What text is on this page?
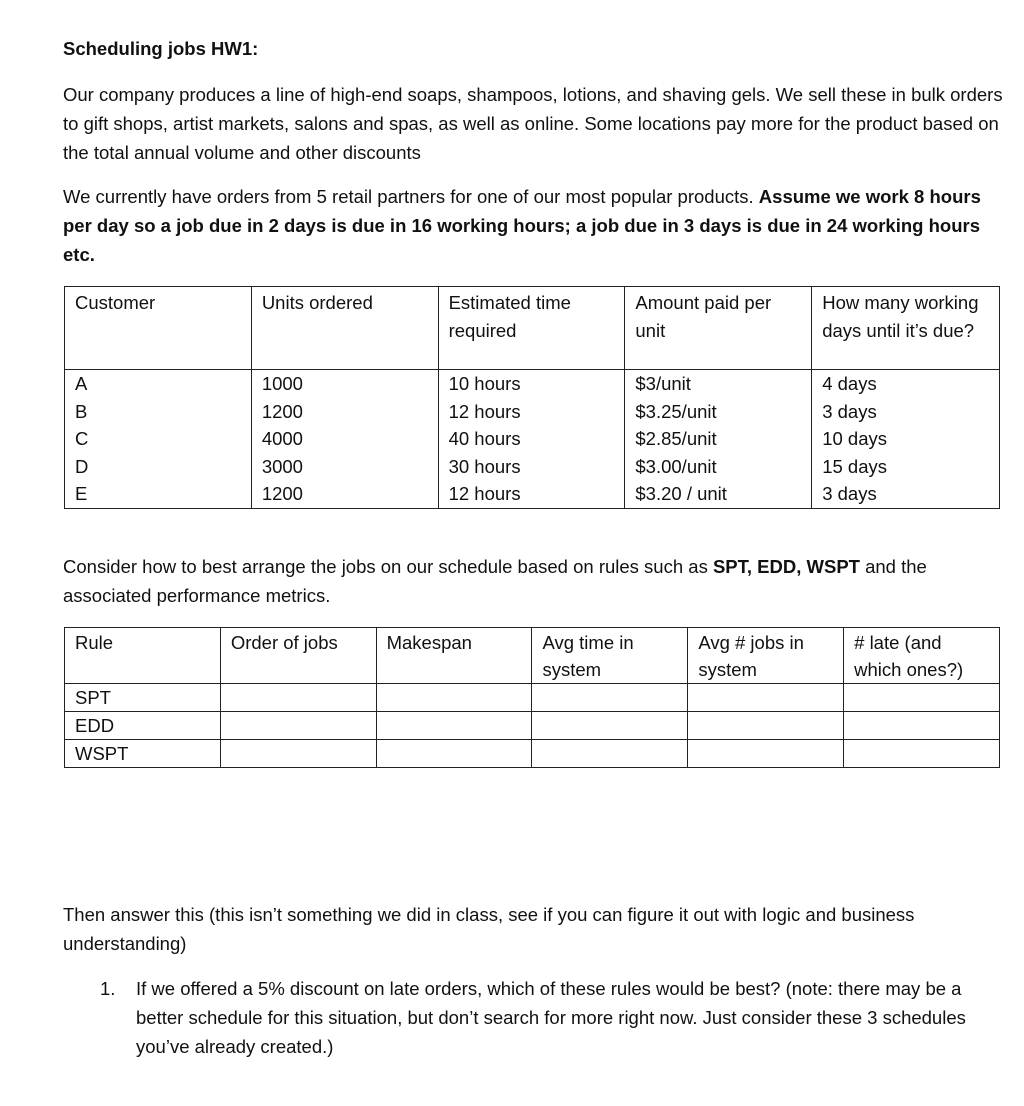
Scheduling jobs HW1:
Our company produces a line of high-end soaps, shampoos, lotions, and shaving gels. We sell these in bulk orders to gift shops, artist markets, salons and spas, as well as online. Some locations pay more for the product based on the total annual volume and other discounts
We currently have orders from 5 retail partners for one of our most popular products. Assume we work 8 hours per day so a job due in 2 days is due in 16 working hours; a job due in 3 days is due in 24 working hours etc.
Customer	Units ordered	Estimated time required	Amount paid per unit	How many working days until it’s due?
A	1000	10 hours	$3/unit	4 days
B	1200	12 hours	$3.25/unit	3 days
C	4000	40 hours	$2.85/unit	10 days
D	3000	30 hours	$3.00/unit	15 days
E	1200	12 hours	$3.20 / unit	3 days
Consider how to best arrange the jobs on our schedule based on rules such as SPT, EDD, WSPT and the associated performance metrics.
Rule	Order of jobs	Makespan	Avg time in system	Avg # jobs in system	# late (and which ones?)
SPT					
EDD					
WSPT					
Then answer this (this isn’t something we did in class, see if you can figure it out with logic and business understanding)
1. If we offered a 5% discount on late orders, which of these rules would be best? (note: there may be a better schedule for this situation, but don’t search for more right now. Just consider these 3 schedules you’ve already created.)
